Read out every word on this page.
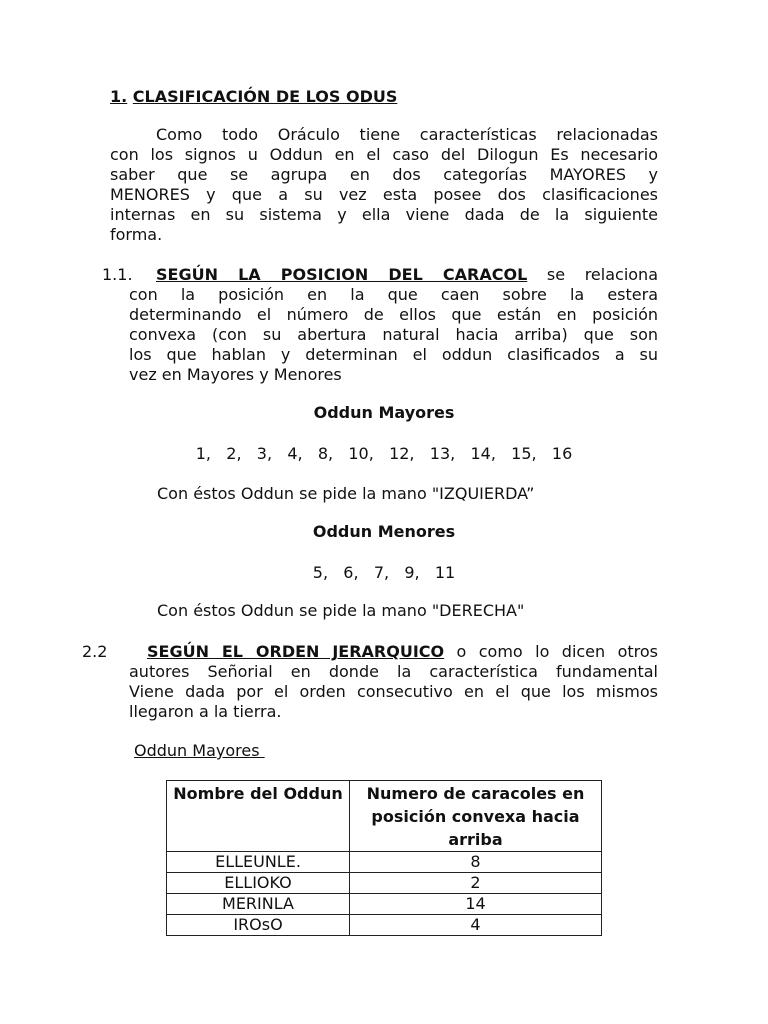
1. CLASIFICACIÓN DE LOS ODUS
Como todo Oráculo tiene características relacionadas
con los signos u Oddun en el caso del Dilogun Es necesario
saber que se agrupa en dos categorías MAYORES y
MENORES y que a su vez esta posee dos clasificaciones
internas en su sistema y ella viene dada de la siguiente
forma.
1.1.	SEGÚN LA POSICION DEL CARACOL se relaciona
con la posición en la que caen sobre la estera
determinando el número de ellos que están en posición
convexa (con su abertura natural hacia arriba) que son
los que hablan y determinan el oddun clasificados a su
vez en Mayores y Menores
Oddun Mayores
1,   2,   3,   4,   8,   10,   12,   13,   14,   15,   16
Con éstos Oddun se pide la mano "IZQUIERDA”
Oddun Menores
5,   6,   7,   9,   11
Con éstos Oddun se pide la mano "DERECHA"
2.2	SEGÚN EL ORDEN JERARQUICO o como lo dicen otros
autores Señorial en donde la característica fundamental
Viene dada por el orden consecutivo en el que los mismos
llegaron a la tierra.
Oddun Mayores
Nombre del Oddun	Numero de caracoles en posición convexa hacia arriba
ELLEUNLE.	8
ELLIOKO	2
MERINLA	14
IROsO	4
